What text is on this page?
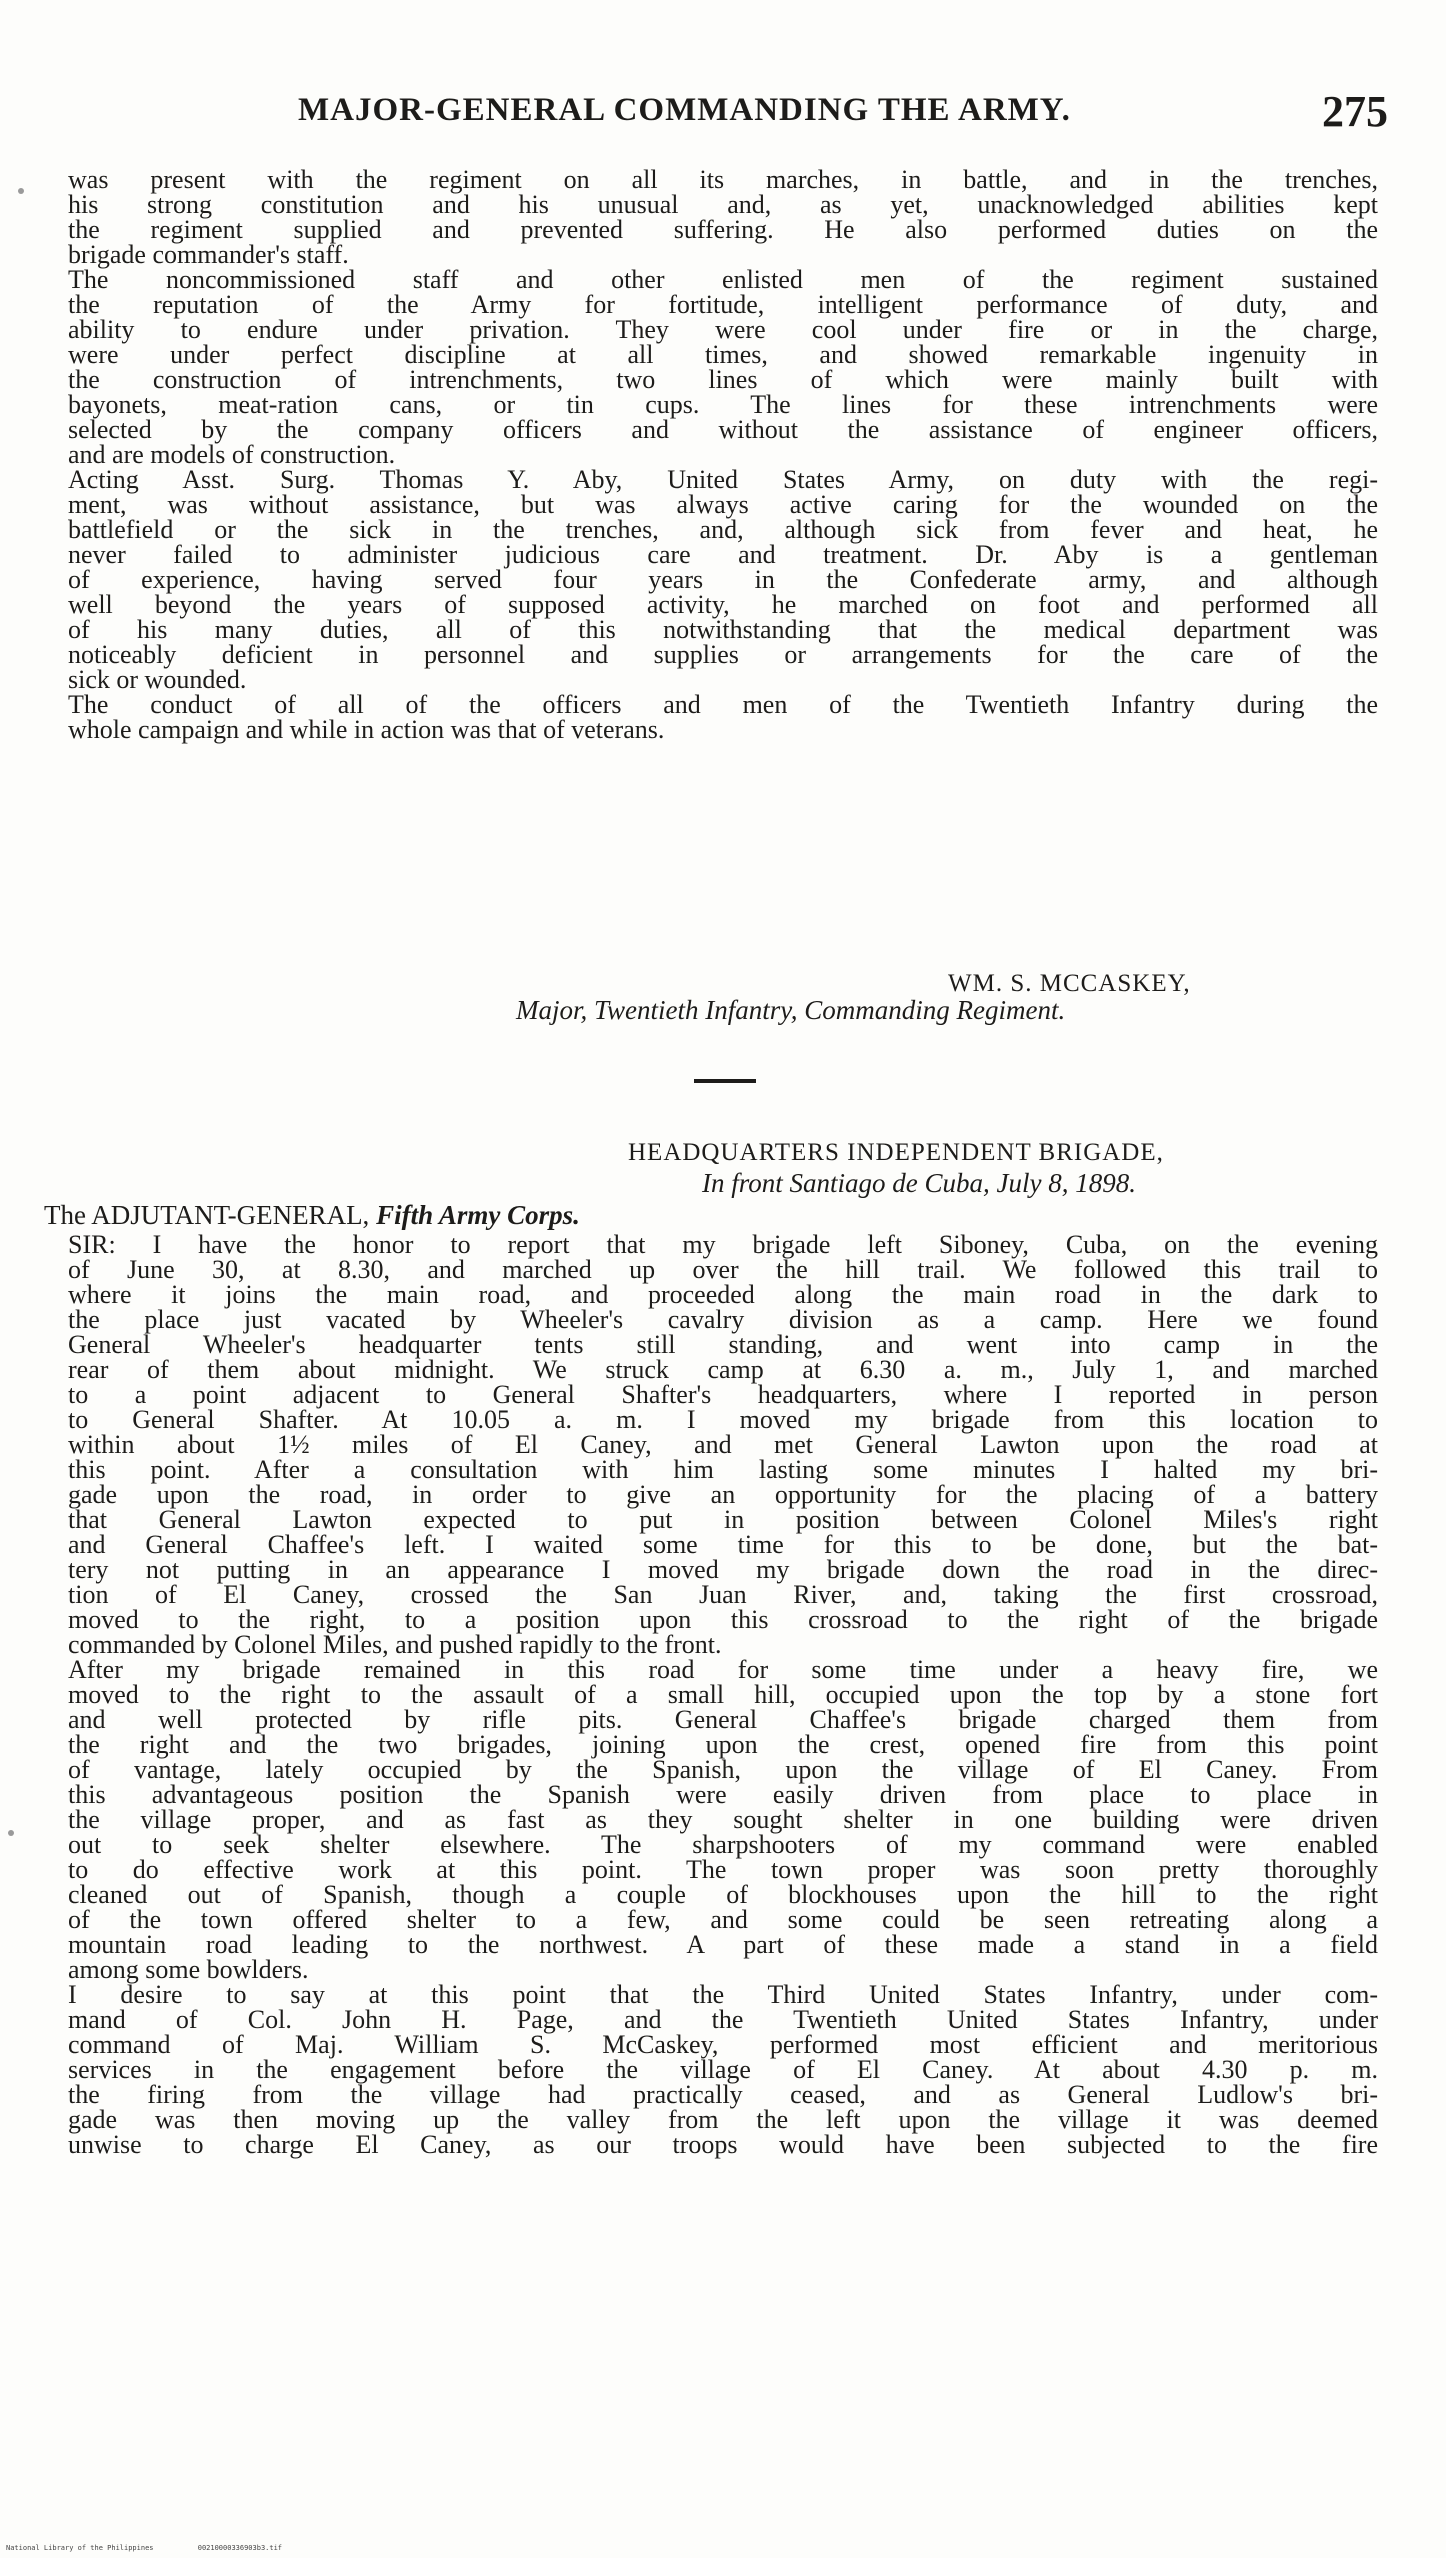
MAJOR-GENERAL COMMANDING THE ARMY.	275
was present with the regiment on all its marches, in battle, and in the trenches,
his strong constitution and his unusual and, as yet, unacknowledged abilities kept
the regiment supplied and prevented suffering. He also performed duties on the
brigade commander's staff.
The noncommissioned staff and other enlisted men of the regiment sustained
the reputation of the Army for fortitude, intelligent performance of duty, and
ability to endure under privation. They were cool under fire or in the charge,
were under perfect discipline at all times, and showed remarkable ingenuity in
the construction of intrenchments, two lines of which were mainly built with
bayonets, meat-ration cans, or tin cups. The lines for these intrenchments were
selected by the company officers and without the assistance of engineer officers,
and are models of construction.
Acting Asst. Surg. Thomas Y. Aby, United States Army, on duty with the regi-
ment, was without assistance, but was always active caring for the wounded on the
battlefield or the sick in the trenches, and, although sick from fever and heat, he
never failed to administer judicious care and treatment. Dr. Aby is a gentleman
of experience, having served four years in the Confederate army, and although
well beyond the years of supposed activity, he marched on foot and performed all
of his many duties, all of this notwithstanding that the medical department was
noticeably deficient in personnel and supplies or arrangements for the care of the
sick or wounded.
The conduct of all of the officers and men of the Twentieth Infantry during the
whole campaign and while in action was that of veterans.
WM. S. MCCASKEY,
Major, Twentieth Infantry, Commanding Regiment.
HEADQUARTERS INDEPENDENT BRIGADE,
In front Santiago de Cuba, July 8, 1898.
The ADJUTANT-GENERAL, Fifth Army Corps.
SIR: I have the honor to report that my brigade left Siboney, Cuba, on the evening
of June 30, at 8.30, and marched up over the hill trail. We followed this trail to
where it joins the main road, and proceeded along the main road in the dark to
the place just vacated by Wheeler's cavalry division as a camp. Here we found
General Wheeler's headquarter tents still standing, and went into camp in the
rear of them about midnight. We struck camp at 6.30 a. m., July 1, and marched
to a point adjacent to General Shafter's headquarters, where I reported in person
to General Shafter. At 10.05 a. m. I moved my brigade from this location to
within about 1½ miles of El Caney, and met General Lawton upon the road at
this point. After a consultation with him lasting some minutes I halted my bri-
gade upon the road, in order to give an opportunity for the placing of a battery
that General Lawton expected to put in position between Colonel Miles's right
and General Chaffee's left. I waited some time for this to be done, but the bat-
tery not putting in an appearance I moved my brigade down the road in the direc-
tion of El Caney, crossed the San Juan River, and, taking the first crossroad,
moved to the right, to a position upon this crossroad to the right of the brigade
commanded by Colonel Miles, and pushed rapidly to the front.
After my brigade remained in this road for some time under a heavy fire, we
moved to the right to the assault of a small hill, occupied upon the top by a stone fort
and well protected by rifle pits. General Chaffee's brigade charged them from
the right and the two brigades, joining upon the crest, opened fire from this point
of vantage, lately occupied by the Spanish, upon the village of El Caney. From
this advantageous position the Spanish were easily driven from place to place in
the village proper, and as fast as they sought shelter in one building were driven
out to seek shelter elsewhere. The sharpshooters of my command were enabled
to do effective work at this point. The town proper was soon pretty thoroughly
cleaned out of Spanish, though a couple of blockhouses upon the hill to the right
of the town offered shelter to a few, and some could be seen retreating along a
mountain road leading to the northwest. A part of these made a stand in a field
among some bowlders.
I desire to say at this point that the Third United States Infantry, under com-
mand of Col. John H. Page, and the Twentieth United States Infantry, under
command of Maj. William S. McCaskey, performed most efficient and meritorious
services in the engagement before the village of El Caney. At about 4.30 p. m.
the firing from the village had practically ceased, and as General Ludlow's bri-
gade was then moving up the valley from the left upon the village it was deemed
unwise to charge El Caney, as our troops would have been subjected to the fire
National Library of the Philippines	00210000336903b3.tif
